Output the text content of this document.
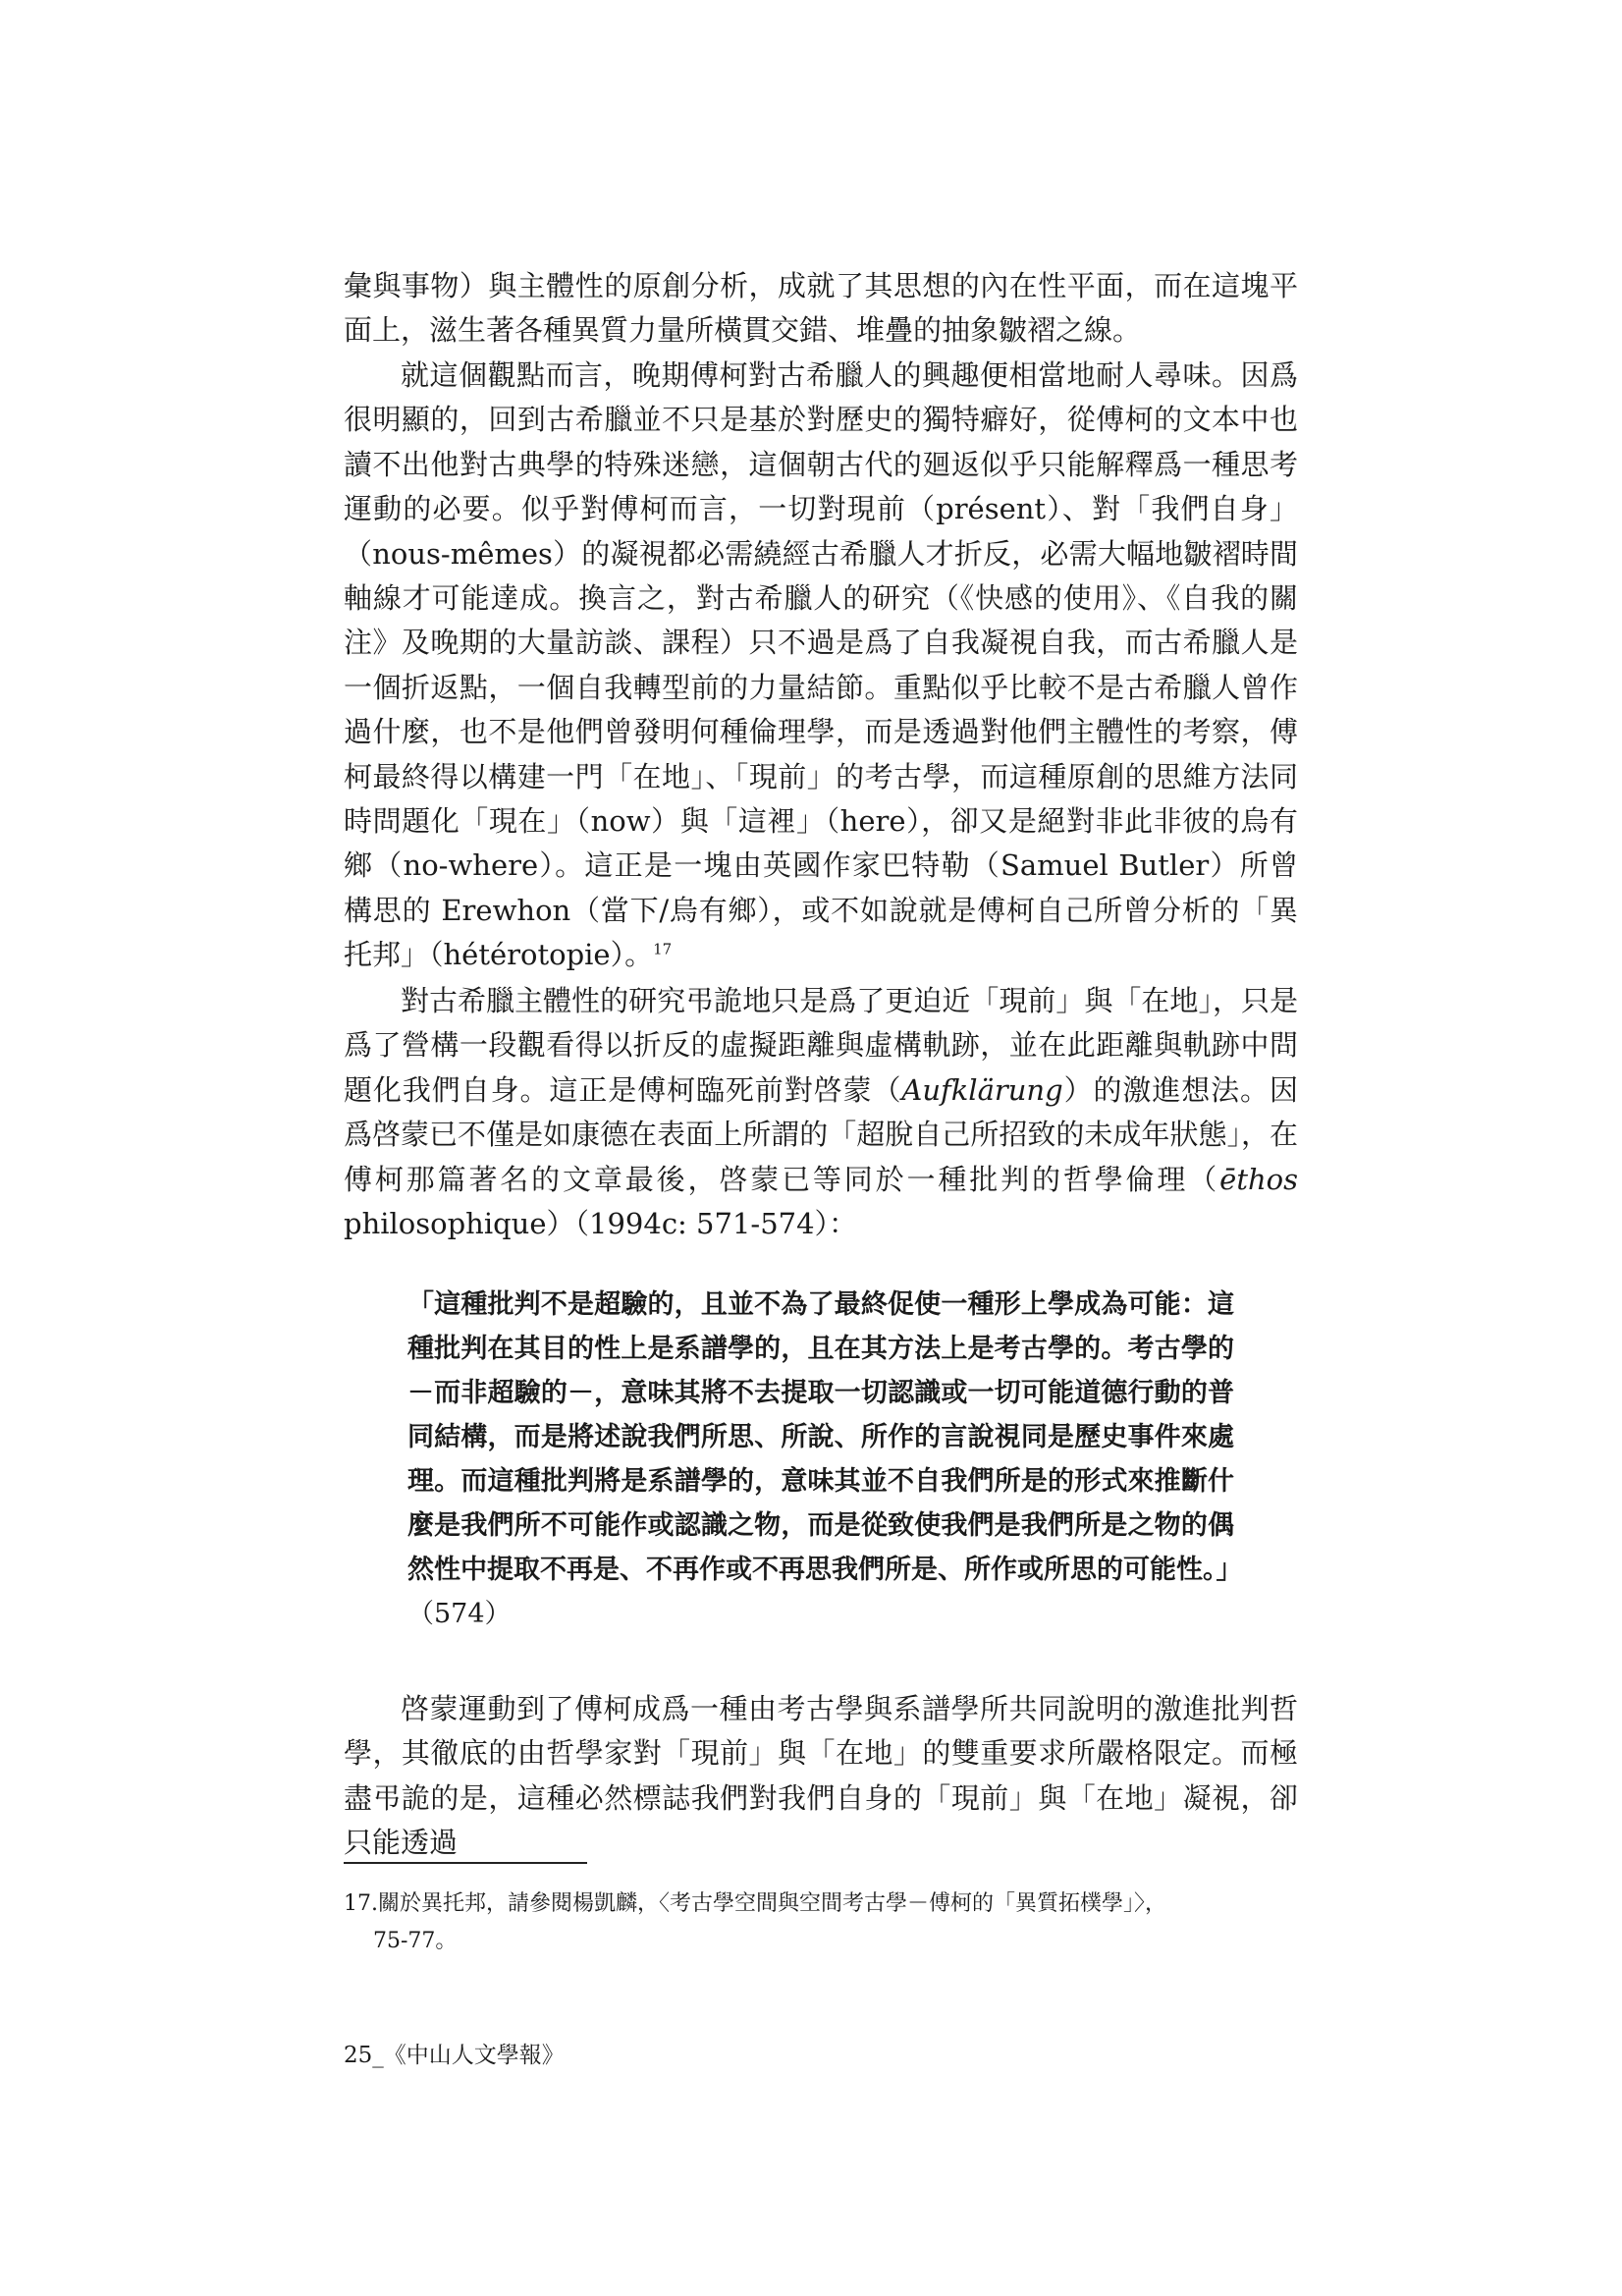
彙與事物）與主體性的原創分析，成就了其思想的內在性平面，而在這塊平面上，滋生著各種異質力量所橫貫交錯、堆疊的抽象皺褶之線。

就這個觀點而言，晚期傅柯對古希臘人的興趣便相當地耐人尋味。因爲很明顯的，回到古希臘並不只是基於對歷史的獨特癖好，從傅柯的文本中也讀不出他對古典學的特殊迷戀，這個朝古代的廻返似乎只能解釋爲一種思考運動的必要。似乎對傅柯而言，一切對現前（présent）、對「我們自身」（nous-mêmes）的凝視都必需繞經古希臘人才折反，必需大幅地皺褶時間軸線才可能達成。換言之，對古希臘人的研究（《快感的使用》、《自我的關注》及晚期的大量訪談、課程）只不過是爲了自我凝視自我，而古希臘人是一個折返點，一個自我轉型前的力量結節。重點似乎比較不是古希臘人曾作過什麼，也不是他們曾發明何種倫理學，而是透過對他們主體性的考察，傅柯最終得以構建一門「在地」、「現前」的考古學，而這種原創的思維方法同時問題化「現在」（now）與「這裡」（here），卻又是絕對非此非彼的烏有鄉（no-where）。這正是一塊由英國作家巴特勒（Samuel Butler）所曾構思的 Erewhon（當下/烏有鄉），或不如說就是傅柯自己所曾分析的「異托邦」（hétérotopie）。$^{17}$

對古希臘主體性的研究弔詭地只是爲了更迫近「現前」與「在地」，只是爲了營構一段觀看得以折反的虛擬距離與虛構軌跡，並在此距離與軌跡中問題化我們自身。這正是傅柯臨死前對啓蒙（Aufklärung）的激進想法。因爲啓蒙已不僅是如康德在表面上所謂的「超脫自己所招致的未成年狀態」，在傅柯那篇著名的文章最後，啓蒙已等同於一種批判的哲學倫理（ēthos philosophique）（1994c: 571-574）：

「這種批判不是超驗的，且並不為了最終促使一種形上學成為可能：這種批判在其目的性上是系譜學的，且在其方法上是考古學的。考古學的－而非超驗的－，意味其將不去提取一切認識或一切可能道德行動的普同結構，而是將述說我們所思、所說、所作的言說視同是歷史事件來處理。而這種批判將是系譜學的，意味其並不自我們所是的形式來推斷什麼是我們所不可能作或認識之物，而是從致使我們是我們所是之物的偶然性中提取不再是、不再作或不再思我們所是、所作或所思的可能性。」（574）

啓蒙運動到了傅柯成爲一種由考古學與系譜學所共同說明的激進批判哲學，其徹底的由哲學家對「現前」與「在地」的雙重要求所嚴格限定。而極盡弔詭的是，這種必然標誌我們對我們自身的「現前」與「在地」凝視，卻只能透過

17.關於異托邦，請參閱楊凱麟，〈考古學空間與空間考古學－傅柯的「異質拓樸學」〉，
75-77。

25_《中山人文學報》
